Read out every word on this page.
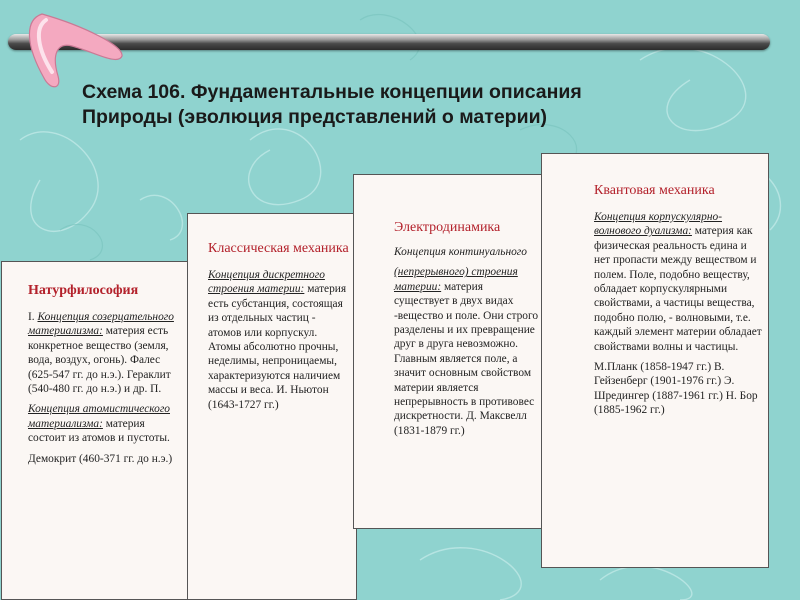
Схема 106. Фундаментальные концепции описания
Природы (эволюция представлений о материи)
Натурфилософия

I. Концепция созерцательного материализма: материя есть конкретное вещество (земля, вода, воздух, огонь). Фалес (625-547 гг. до н.э.). Гераклит (540-480 гг. до н.э.) и др. П.

Концепция атомистического материализма: материя состоит из атомов и пустоты.

Демокрит (460-371 гг. до н.э.)

Классическая механика

Концепция дискретного строения материи: материя есть субстанция, состоящая из отдельных частиц - атомов или корпускул. Атомы абсолютно прочны, неделимы, непроницаемы, характеризуются наличием массы и веса. И. Ньютон (1643-1727 гг.)

Электродинамика

Концепция континуального

(непрерывного) строения материи: материя существует в двух видах -вещество и поле. Они строго разделены и их превращение друг в друга невозможно. Главным является поле, а значит основным свойством материи является непрерывность в противовес дискретности. Д. Максвелл (1831-1879 гг.)

Квантовая механика

Концепция корпускулярно-волнового дуализма: материя как физическая реальность едина и нет пропасти между веществом и полем. Поле, подобно веществу, обладает корпускулярными свойствами, а частицы вещества, подобно полю, - волновыми, т.е. каждый элемент материи обладает свойствами волны и частицы.

М.Планк (1858-1947 гг.) В. Гейзенберг (1901-1976 гг.) Э. Шредингер (1887-1961 гг.) Н. Бор (1885-1962 гг.)
